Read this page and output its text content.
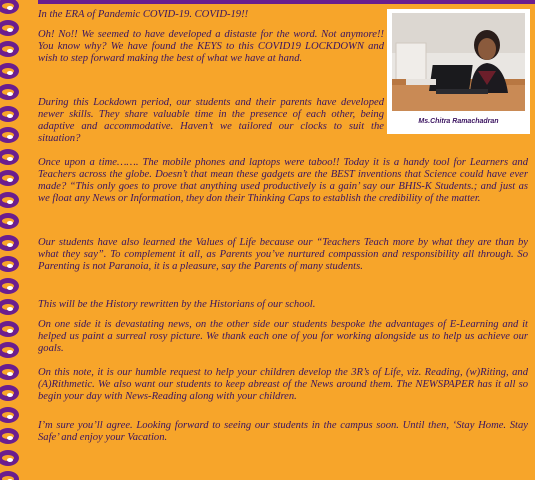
In the ERA of Pandemic COVID-19. COVID-19!!

Oh! No!! We seemed to have developed a distaste for the word. Not anymore!! You know why? We have found the KEYS to this COVID19 LOCKDOWN and wish to step forward making the best of what we have at hand.

During this Lockdown period, our students and their parents have developed newer skills. They share valuable time in the presence of each other, being adaptive and accommodative. Haven’t we tailored our clocks to suit the situation?

Ms.Chitra Ramachadran

Once upon a time……. The mobile phones and laptops were taboo!! Today it is a handy tool for Learners and Teachers across the globe. Doesn’t that mean these gadgets are the BEST inventions that Science could have ever made? “This only goes to prove that anything used productively is a gain’ say our BHIS-K Students.; and just as we float any News or Information, they don their Thinking Caps to establish the credibility of the matter.

Our students have also learned the Values of Life because our “Teachers Teach more by what they are than by what they say”. To complement it all, as Parents you’ve nurtured compassion and responsibility all through. So Parenting is not Paranoia, it is a pleasure, say the Parents of many students.

This will be the History rewritten by the Historians of our school.

On one side it is devastating news, on the other side our students bespoke the advantages of E-Learning and it helped us paint a surreal rosy picture. We thank each one of you for working alongside us to help us achieve our goals.

On this note, it is our humble request to help your children develop the 3R’s of Life, viz. Reading, (w)Riting, and (A)Rithmetic. We also want our students to keep abreast of the News around them. The NEWSPAPER has it all so begin your day with News-Reading along with your children.

I’m sure you’ll agree. Looking forward to seeing our students in the campus soon. Until then, ‘Stay Home. Stay Safe’ and enjoy your Vacation.
